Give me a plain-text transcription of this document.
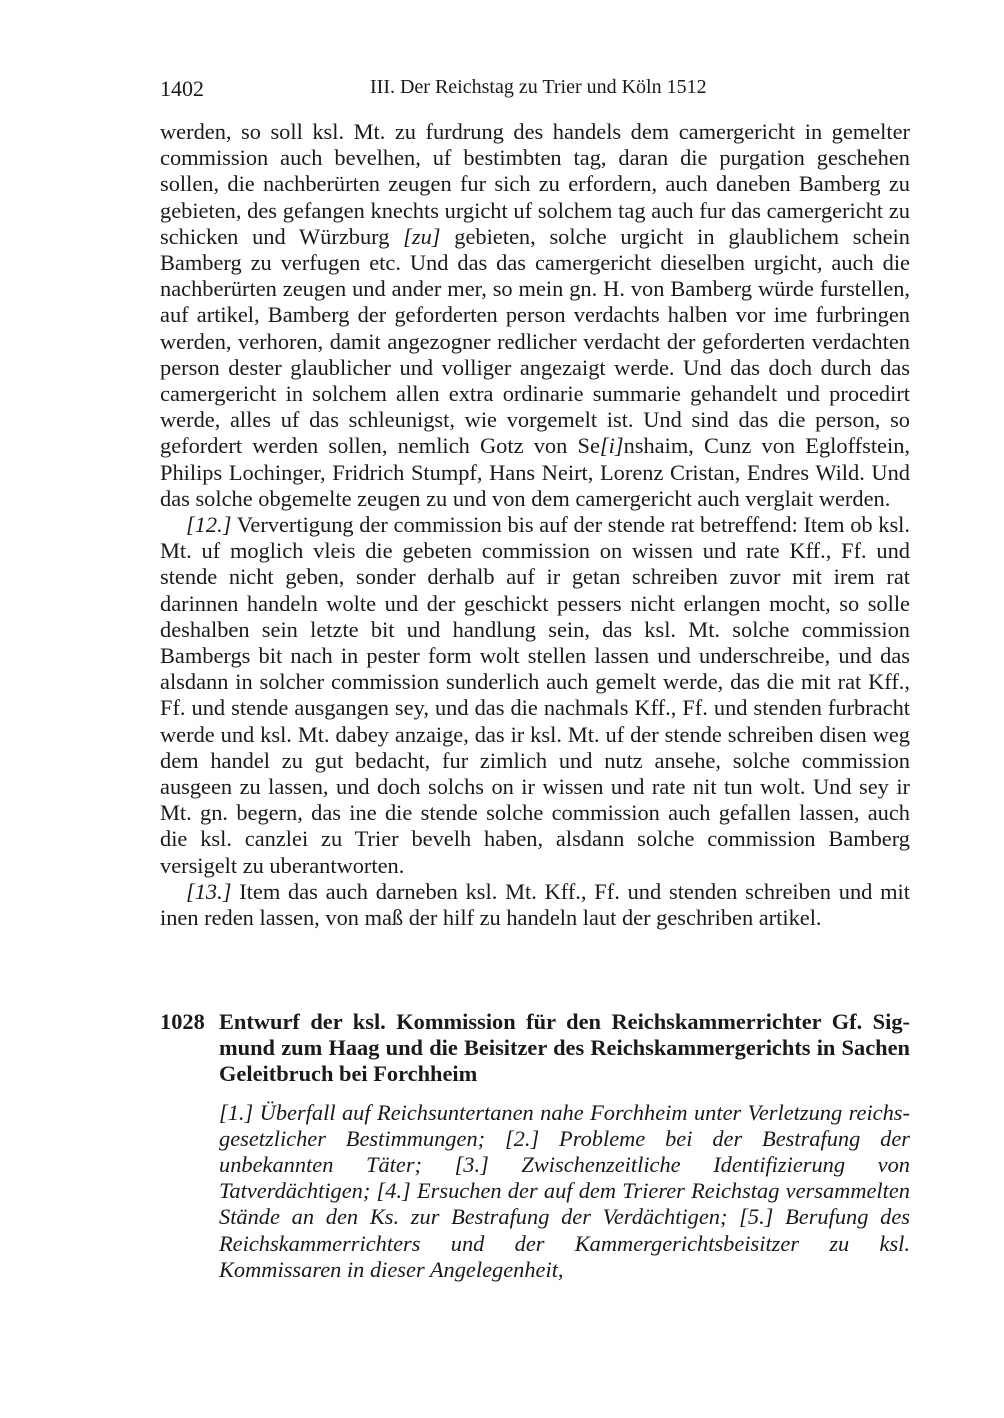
1402	III. Der Reichstag zu Trier und Köln 1512

werden, so soll ksl. Mt. zu furdrung des handels dem camergericht in gemelter commission auch bevelhen, uf bestimbten tag, daran die purgation geschehen sollen, die nachberürten zeugen fur sich zu erfordern, auch daneben Bamberg zu gebieten, des gefangen knechts urgicht uf solchem tag auch fur das camergericht zu schicken und Würzburg [zu] gebieten, solche urgicht in glaublichem schein Bamberg zu verfugen etc. Und das das camergericht dieselben urgicht, auch die nachberürten zeugen und ander mer, so mein gn. H. von Bamberg würde furstellen, auf artikel, Bamberg der geforderten person verdachts halben vor ime furbringen werden, verhoren, damit angezogner redlicher verdacht der geforderten verdachten person dester glaublicher und volliger angezaigt werde. Und das doch durch das camergericht in solchem allen extra ordinarie summarie gehandelt und procedirt werde, alles uf das schleunigst, wie vorgemelt ist. Und sind das die person, so gefordert werden sollen, nemlich Gotz von Se[i]nshaim, Cunz von Egloffstein, Philips Lochinger, Fridrich Stumpf, Hans Neirt, Lorenz Cristan, Endres Wild. Und das solche obgemelte zeugen zu und von dem camergericht auch verglait werden.

[12.] Ververtigung der commission bis auf der stende rat betreffend: Item ob ksl. Mt. uf moglich vleis die gebeten commission on wissen und rate Kff., Ff. und stende nicht geben, sonder derhalb auf ir getan schreiben zuvor mit irem rat darinnen handeln wolte und der geschickt pessers nicht erlangen mocht, so solle deshalben sein letzte bit und handlung sein, das ksl. Mt. solche commission Bambergs bit nach in pester form wolt stellen lassen und underschreibe, und das alsdann in solcher commission sunderlich auch gemelt werde, das die mit rat Kff., Ff. und stende ausgangen sey, und das die nachmals Kff., Ff. und stenden furbracht werde und ksl. Mt. dabey anzaige, das ir ksl. Mt. uf der stende schreiben disen weg dem handel zu gut bedacht, fur zimlich und nutz ansehe, solche commission ausgeen zu lassen, und doch solchs on ir wissen und rate nit tun wolt. Und sey ir Mt. gn. begern, das ine die stende solche commission auch gefallen lassen, auch die ksl. canzlei zu Trier bevelh haben, alsdann solche commission Bamberg versigelt zu uberantworten.

[13.] Item das auch darneben ksl. Mt. Kff., Ff. und stenden schreiben und mit inen reden lassen, von maß der hilf zu handeln laut der geschriben artikel.

1028 Entwurf der ksl. Kommission für den Reichskammerrichter Gf. Sigmund zum Haag und die Beisitzer des Reichskammergerichts in Sachen Geleitbruch bei Forchheim
[1.] Überfall auf Reichsuntertanen nahe Forchheim unter Verletzung reichsgesetzlicher Bestimmungen; [2.] Probleme bei der Bestrafung der unbekannten Täter; [3.] Zwischenzeitliche Identifizierung von Tatverdächtigen; [4.] Ersuchen der auf dem Trierer Reichstag versammelten Stände an den Ks. zur Bestrafung der Verdächtigen; [5.] Berufung des Reichskammerrichters und der Kammergerichtsbeisitzer zu ksl. Kommissaren in dieser Angelegenheit,
